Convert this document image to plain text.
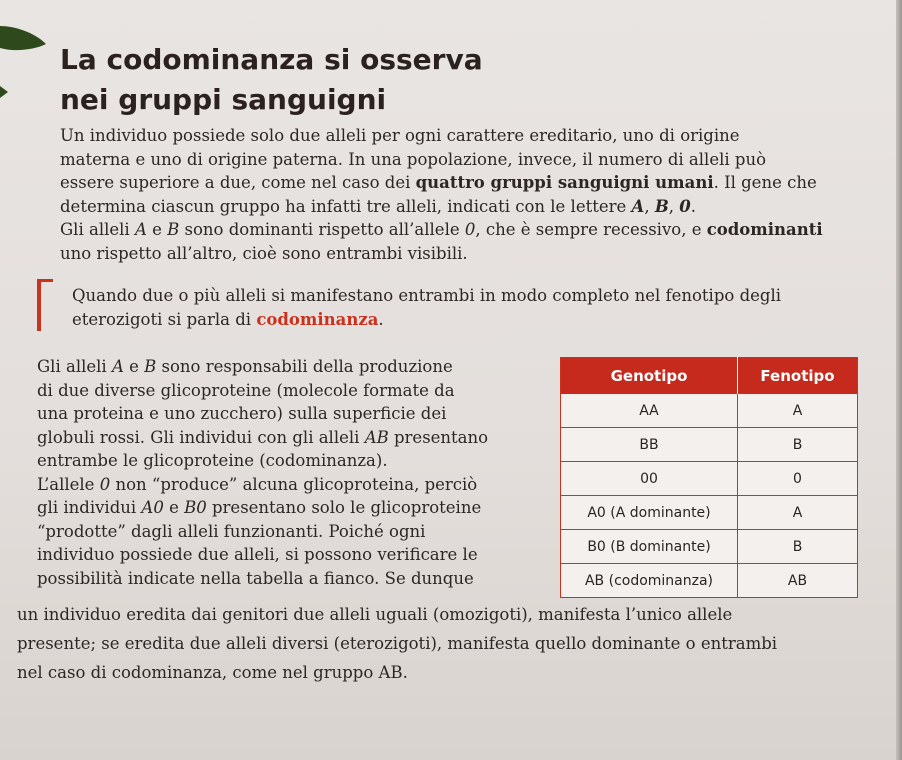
La codominanza si osserva
nei gruppi sanguigni
Un individuo possiede solo due alleli per ogni carattere ereditario, uno di origine
materna e uno di origine paterna. In una popolazione, invece, il numero di alleli può
essere superiore a due, come nel caso dei quattro gruppi sanguigni umani. Il gene che
determina ciascun gruppo ha infatti tre alleli, indicati con le lettere A, B, 0.
Gli alleli A e B sono dominanti rispetto all’allele 0, che è sempre recessivo, e codominanti
uno rispetto all’altro, cioè sono entrambi visibili.
Quando due o più alleli si manifestano entrambi in modo completo nel fenotipo degli
eterozigoti si parla di codominanza.
Gli alleli A e B sono responsabili della produzione
di due diverse glicoproteine (molecole formate da
una proteina e uno zucchero) sulla superficie dei
globuli rossi. Gli individui con gli alleli AB presentano
entrambe le glicoproteine (codominanza).
L’allele 0 non “produce” alcuna glicoproteina, perciò
gli individui A0 e B0 presentano solo le glicoproteine
“prodotte” dagli alleli funzionanti. Poiché ogni
individuo possiede due alleli, si possono verificare le
possibilità indicate nella tabella a fianco. Se dunque
un individuo eredita dai genitori due alleli uguali (omozigoti), manifesta l’unico allele
presente; se eredita due alleli diversi (eterozigoti), manifesta quello dominante o entrambi
nel caso di codominanza, come nel gruppo AB.
Genotipo	Fenotipo
AA	A
BB	B
00	0
A0 (A dominante)	A
B0 (B dominante)	B
AB (codominanza)	AB
